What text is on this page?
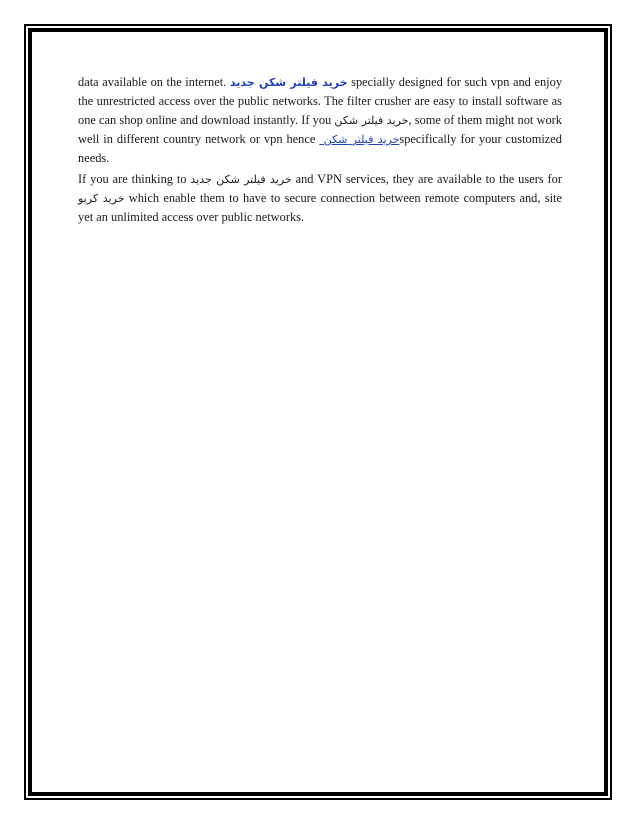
data available on the internet. خرید فیلتر شکن جدید specially designed for such vpn and enjoy the unrestricted access over the public networks. The filter crusher are easy to install software as one can shop online and download instantly. If you خرید فیلتر شکن, some of them might not work well in different country network or vpn hence خرید فیلتر شکن specifically for your customized needs.

If you are thinking to خرید فیلتر شکن جدید and VPN services, they are available to the users for خرید کریو which enable them to have to secure connection between remote computers and, site yet an unlimited access over public networks.
